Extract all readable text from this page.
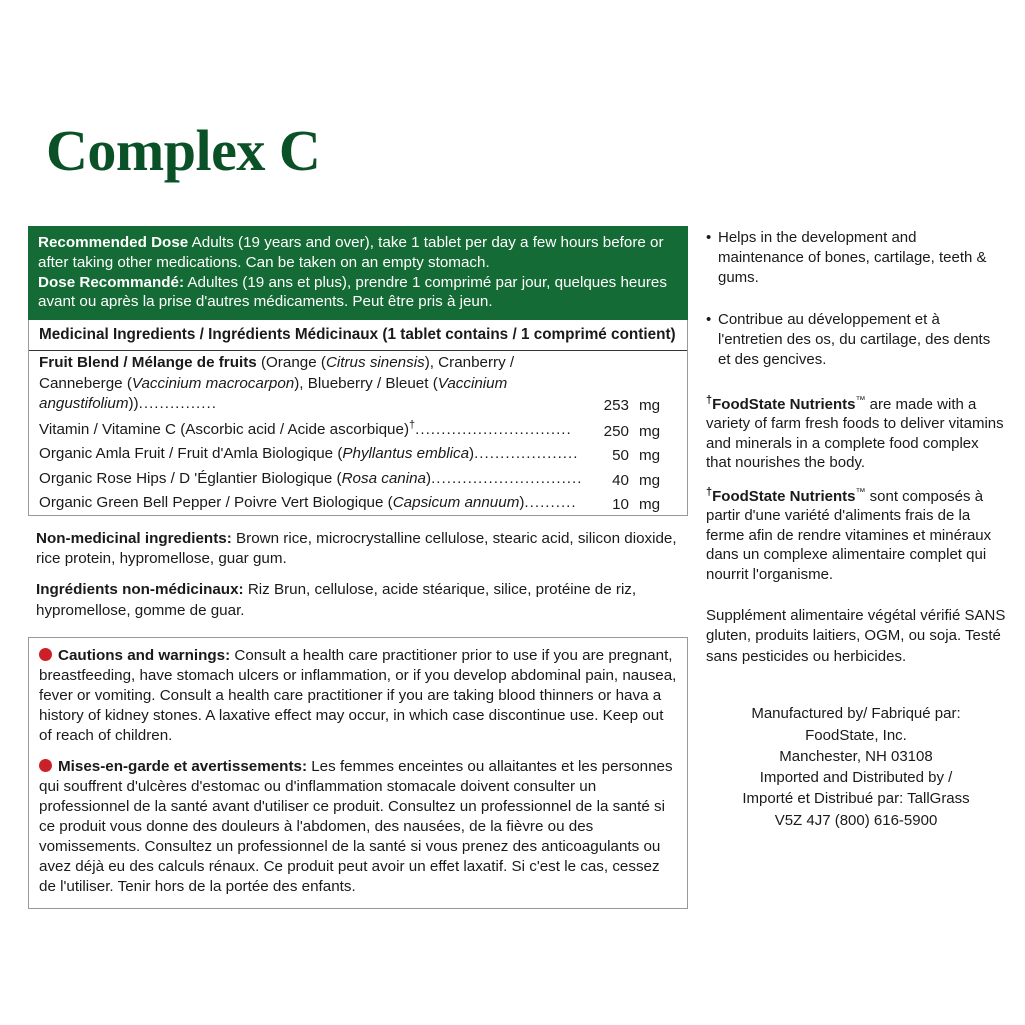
Complex C
Recommended Dose Adults (19 years and over), take 1 tablet per day a few hours before or after taking other medications. Can be taken on an empty stomach.
Dose Recommandé: Adultes (19 ans et plus), prendre 1 comprimé par jour, quelques heures avant ou après la prise d'autres médicaments. Peut être pris à jeun.
Medicinal Ingredients / Ingrédients Médicinaux (1 tablet contains / 1 comprimé contient)
Fruit Blend / Mélange de fruits (Orange (Citrus sinensis), Cranberry / Canneberge (Vaccinium macrocarpon), Blueberry / Bleuet (Vaccinium angustifolium))...............	253	mg
Vitamin / Vitamine C (Ascorbic acid / Acide ascorbique)†..............................	250	mg
Organic Amla Fruit / Fruit d'Amla Biologique (Phyllantus emblica)....................	50	mg
Organic Rose Hips / D 'Églantier Biologique (Rosa canina).............................	40	mg
Organic Green Bell Pepper / Poivre Vert Biologique (Capsicum annuum)..........	10	mg

Non-medicinal ingredients: Brown rice, microcrystalline cellulose, stearic acid, silicon dioxide, rice protein, hypromellose, guar gum.

Ingrédients non-médicinaux: Riz Brun, cellulose, acide stéarique, silice, protéine de riz, hypromellose, gomme de guar.

Cautions and warnings: Consult a health care practitioner prior to use if you are pregnant, breastfeeding, have stomach ulcers or inflammation, or if you develop abdominal pain, nausea, fever or vomiting. Consult a health care practitioner if you are taking blood thinners or hava a history of kidney stones. A laxative effect may occur, in which case discontinue use. Keep out of reach of children.

Mises-en-garde et avertissements: Les femmes enceintes ou allaitantes et les personnes qui souffrent d'ulcères d'estomac ou d'inflammation stomacale doivent consulter un professionnel de la santé avant d'utiliser ce produit. Consultez un professionnel de la santé si ce produit vous donne des douleurs à l'abdomen, des nausées, de la fièvre ou des vomissements. Consultez un professionnel de la santé si vous prenez des anticoagulants ou avez déjà eu des calculs rénaux. Ce produit peut avoir un effet laxatif. Si c'est le cas, cessez de l'utiliser. Tenir hors de la portée des enfants.

• Helps in the development and maintenance of bones, cartilage, teeth & gums.
• Contribue au développement et à l'entretien des os, du cartilage, des dents et des gencives.

†FoodState Nutrients™ are made with a variety of farm fresh foods to deliver vitamins and minerals in a complete food complex that nourishes the body.

†FoodState Nutrients™ sont composés à partir d'une variété d'aliments frais de la ferme afin de rendre vitamines et minéraux dans un complexe alimentaire complet qui nourrit l'organisme.

Supplément alimentaire végétal vérifié SANS gluten, produits laitiers, OGM, ou soja. Testé sans pesticides ou herbicides.

Manufactured by/ Fabriqué par:
FoodState, Inc.
Manchester, NH 03108
Imported and Distributed by /
Importé et Distribué par: TallGrass
V5Z 4J7 (800) 616-5900
